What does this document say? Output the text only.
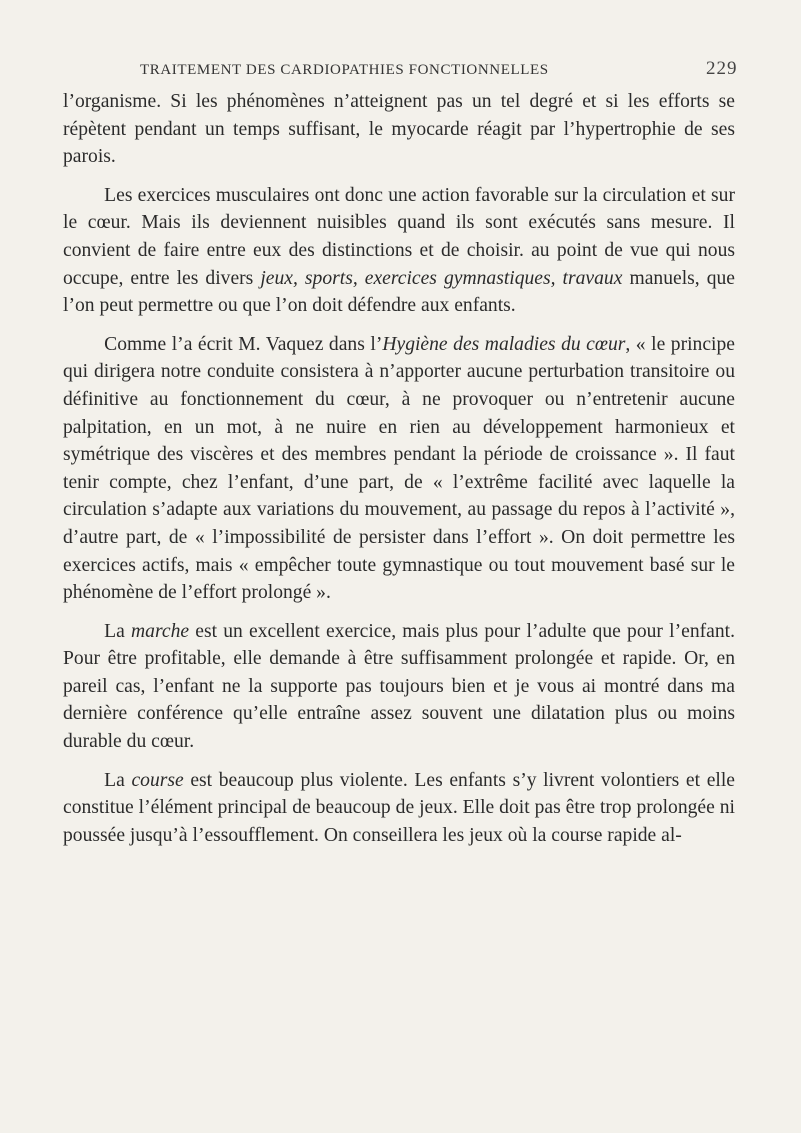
TRAITEMENT DES CARDIOPATHIES FONCTIONNELLES	229

l’organisme. Si les phénomènes n’atteignent pas un tel degré et si les efforts se répètent pendant un temps suffisant, le myocarde réagit par l’hypertrophie de ses parois.

Les exercices musculaires ont donc une action favorable sur la circulation et sur le cœur. Mais ils deviennent nuisibles quand ils sont exécutés sans mesure. Il convient de faire entre eux des distinctions et de choisir. au point de vue qui nous occupe, entre les divers jeux, sports, exercices gymnastiques, travaux manuels, que l’on peut permettre ou que l’on doit défendre aux enfants.

Comme l’a écrit M. Vaquez dans l’Hygiène des maladies du cœur, « le principe qui dirigera notre conduite consistera à n’apporter aucune perturbation transitoire ou définitive au fonctionnement du cœur, à ne provoquer ou n’entretenir aucune palpitation, en un mot, à ne nuire en rien au développement harmonieux et symétrique des viscères et des membres pendant la période de croissance ». Il faut tenir compte, chez l’enfant, d’une part, de « l’extrême facilité avec laquelle la circulation s’adapte aux variations du mouvement, au passage du repos à l’activité », d’autre part, de « l’impossibilité de persister dans l’effort ». On doit permettre les exercices actifs, mais « empêcher toute gymnastique ou tout mouvement basé sur le phénomène de l’effort prolongé ».

La marche est un excellent exercice, mais plus pour l’adulte que pour l’enfant. Pour être profitable, elle demande à être suffisamment prolongée et rapide. Or, en pareil cas, l’enfant ne la supporte pas toujours bien et je vous ai montré dans ma dernière conférence qu’elle entraîne assez souvent une dilatation plus ou moins durable du cœur.

La course est beaucoup plus violente. Les enfants s’y livrent volontiers et elle constitue l’élément principal de beaucoup de jeux. Elle doit pas être trop prolongée ni poussée jusqu’à l’essoufflement. On conseillera les jeux où la course rapide al-
